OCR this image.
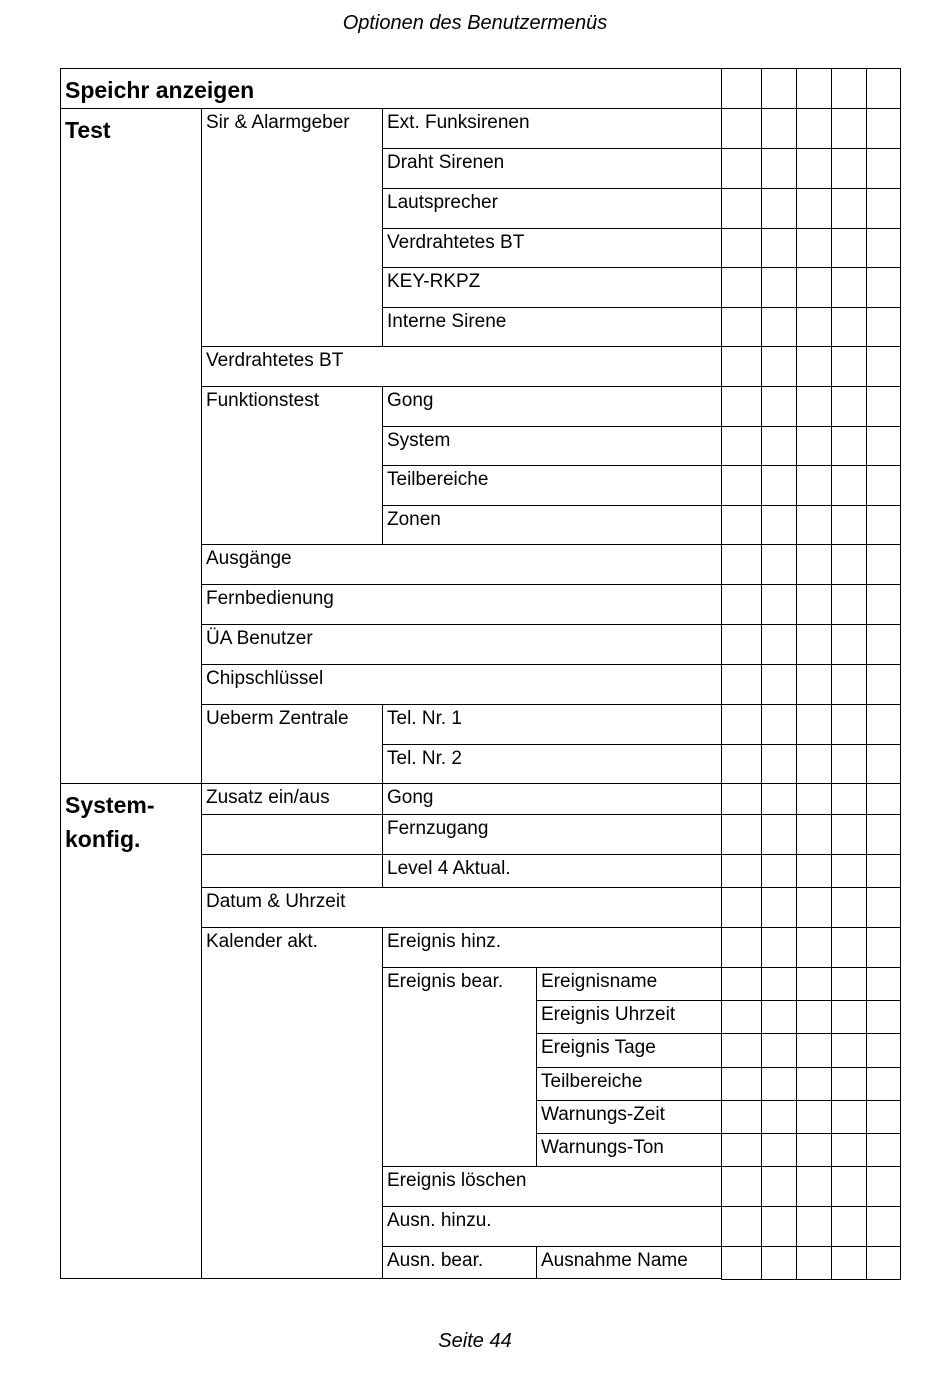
Optionen des Benutzermenüs
Speichr anzeigen
Test
System-
konfig.
Sir & Alarmgeber
Verdrahtetes BT
Funktionstest
Ausgänge
Fernbedienung
ÜA Benutzer
Chipschlüssel
Ueberm Zentrale
Ext. Funksirenen
Draht Sirenen
Lautsprecher
Verdrahtetes BT
KEY-RKPZ
Interne Sirene
Gong
System
Teilbereiche
Zonen
Tel. Nr. 1
Tel. Nr. 2
Zusatz ein/aus
Datum & Uhrzeit
Kalender akt.
Gong
Fernzugang
Level 4 Aktual.
Ereignis hinz.
Ereignis bear.
Ereignis löschen
Ausn. hinzu.
Ausn. bear.
Ereignisname
Ereignis Uhrzeit
Ereignis Tage
Teilbereiche
Warnungs-Zeit
Warnungs-Ton
Ausnahme Name
Seite 44
